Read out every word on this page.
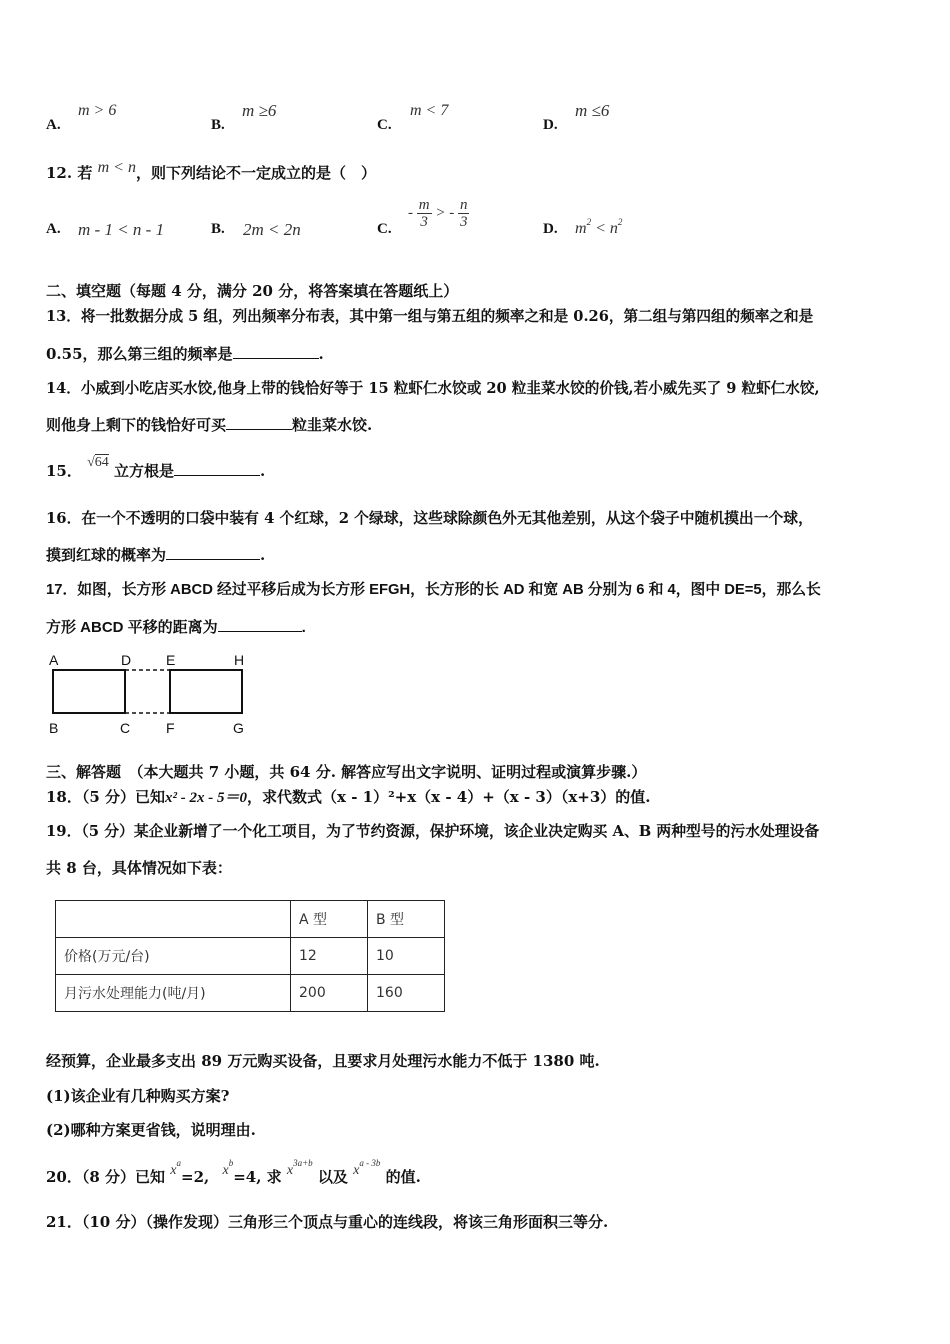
A.
m > 6
B.
m ≥6
C.
m < 7
D.
m ≤6
12. 若 m < n，则下列结论不一定成立的是（　）
A. m - 1 < n - 1	B. 2m < 2n	C.
- $\frac{m}{3}$ > - $\frac{n}{3}$	D. $m^2 < n^2$
二、填空题（每题 4 分，满分 20 分，将答案填在答题纸上）
13．将一批数据分成 5 组，列出频率分布表，其中第一组与第五组的频率之和是 0.26，第二组与第四组的频率之和是
0.55，那么第三组的频率是	.
14．小威到小吃店买水饺,他身上带的钱恰好等于 15 粒虾仁水饺或 20 粒韭菜水饺的价钱,若小威先买了 9 粒虾仁水饺,
则他身上剩下的钱恰好可买	粒韭菜水饺.
15． √64 立方根是	.
16．在一个不透明的口袋中装有 4 个红球，2 个绿球，这些球除颜色外无其他差别，从这个袋子中随机摸出一个球，
摸到红球的概率为	.
17．如图，长方形 ABCD 经过平移后成为长方形 EFGH，长方形的长 AD 和宽 AB 分别为 6 和 4，图中 DE=5，那么长
方形 ABCD 平移的距离为	.
A	D E	H
B	C	F	G
三、解答题　（本大题共 7 小题，共 64 分. 解答应写出文字说明、证明过程或演算步骤.）
18．（5 分）已知x² - 2x - 5＝0，求代数式（x - 1）²+x（x - 4）+（x - 3）（x+3）的值.
19．（5 分）某企业新增了一个化工项目，为了节约资源，保护环境，该企业决定购买 A、B 两种型号的污水处理设备
共 8 台，具体情况如下表：
	A 型	B 型
价格(万元/台)	12	10
月污水处理能力(吨/月)	200	160
经预算，企业最多支出 89 万元购买设备，且要求月处理污水能力不低于 1380 吨.
(1)该企业有几种购买方案?
(2)哪种方案更省钱，说明理由.
20．（8 分）已知 $x^a=2$, $x^b=4$, 求 $x^{3a+b}$ 以及 $x^{a - 3b}$ 的值.
21．（10 分）（操作发现）三角形三个顶点与重心的连线段，将该三角形面积三等分.
